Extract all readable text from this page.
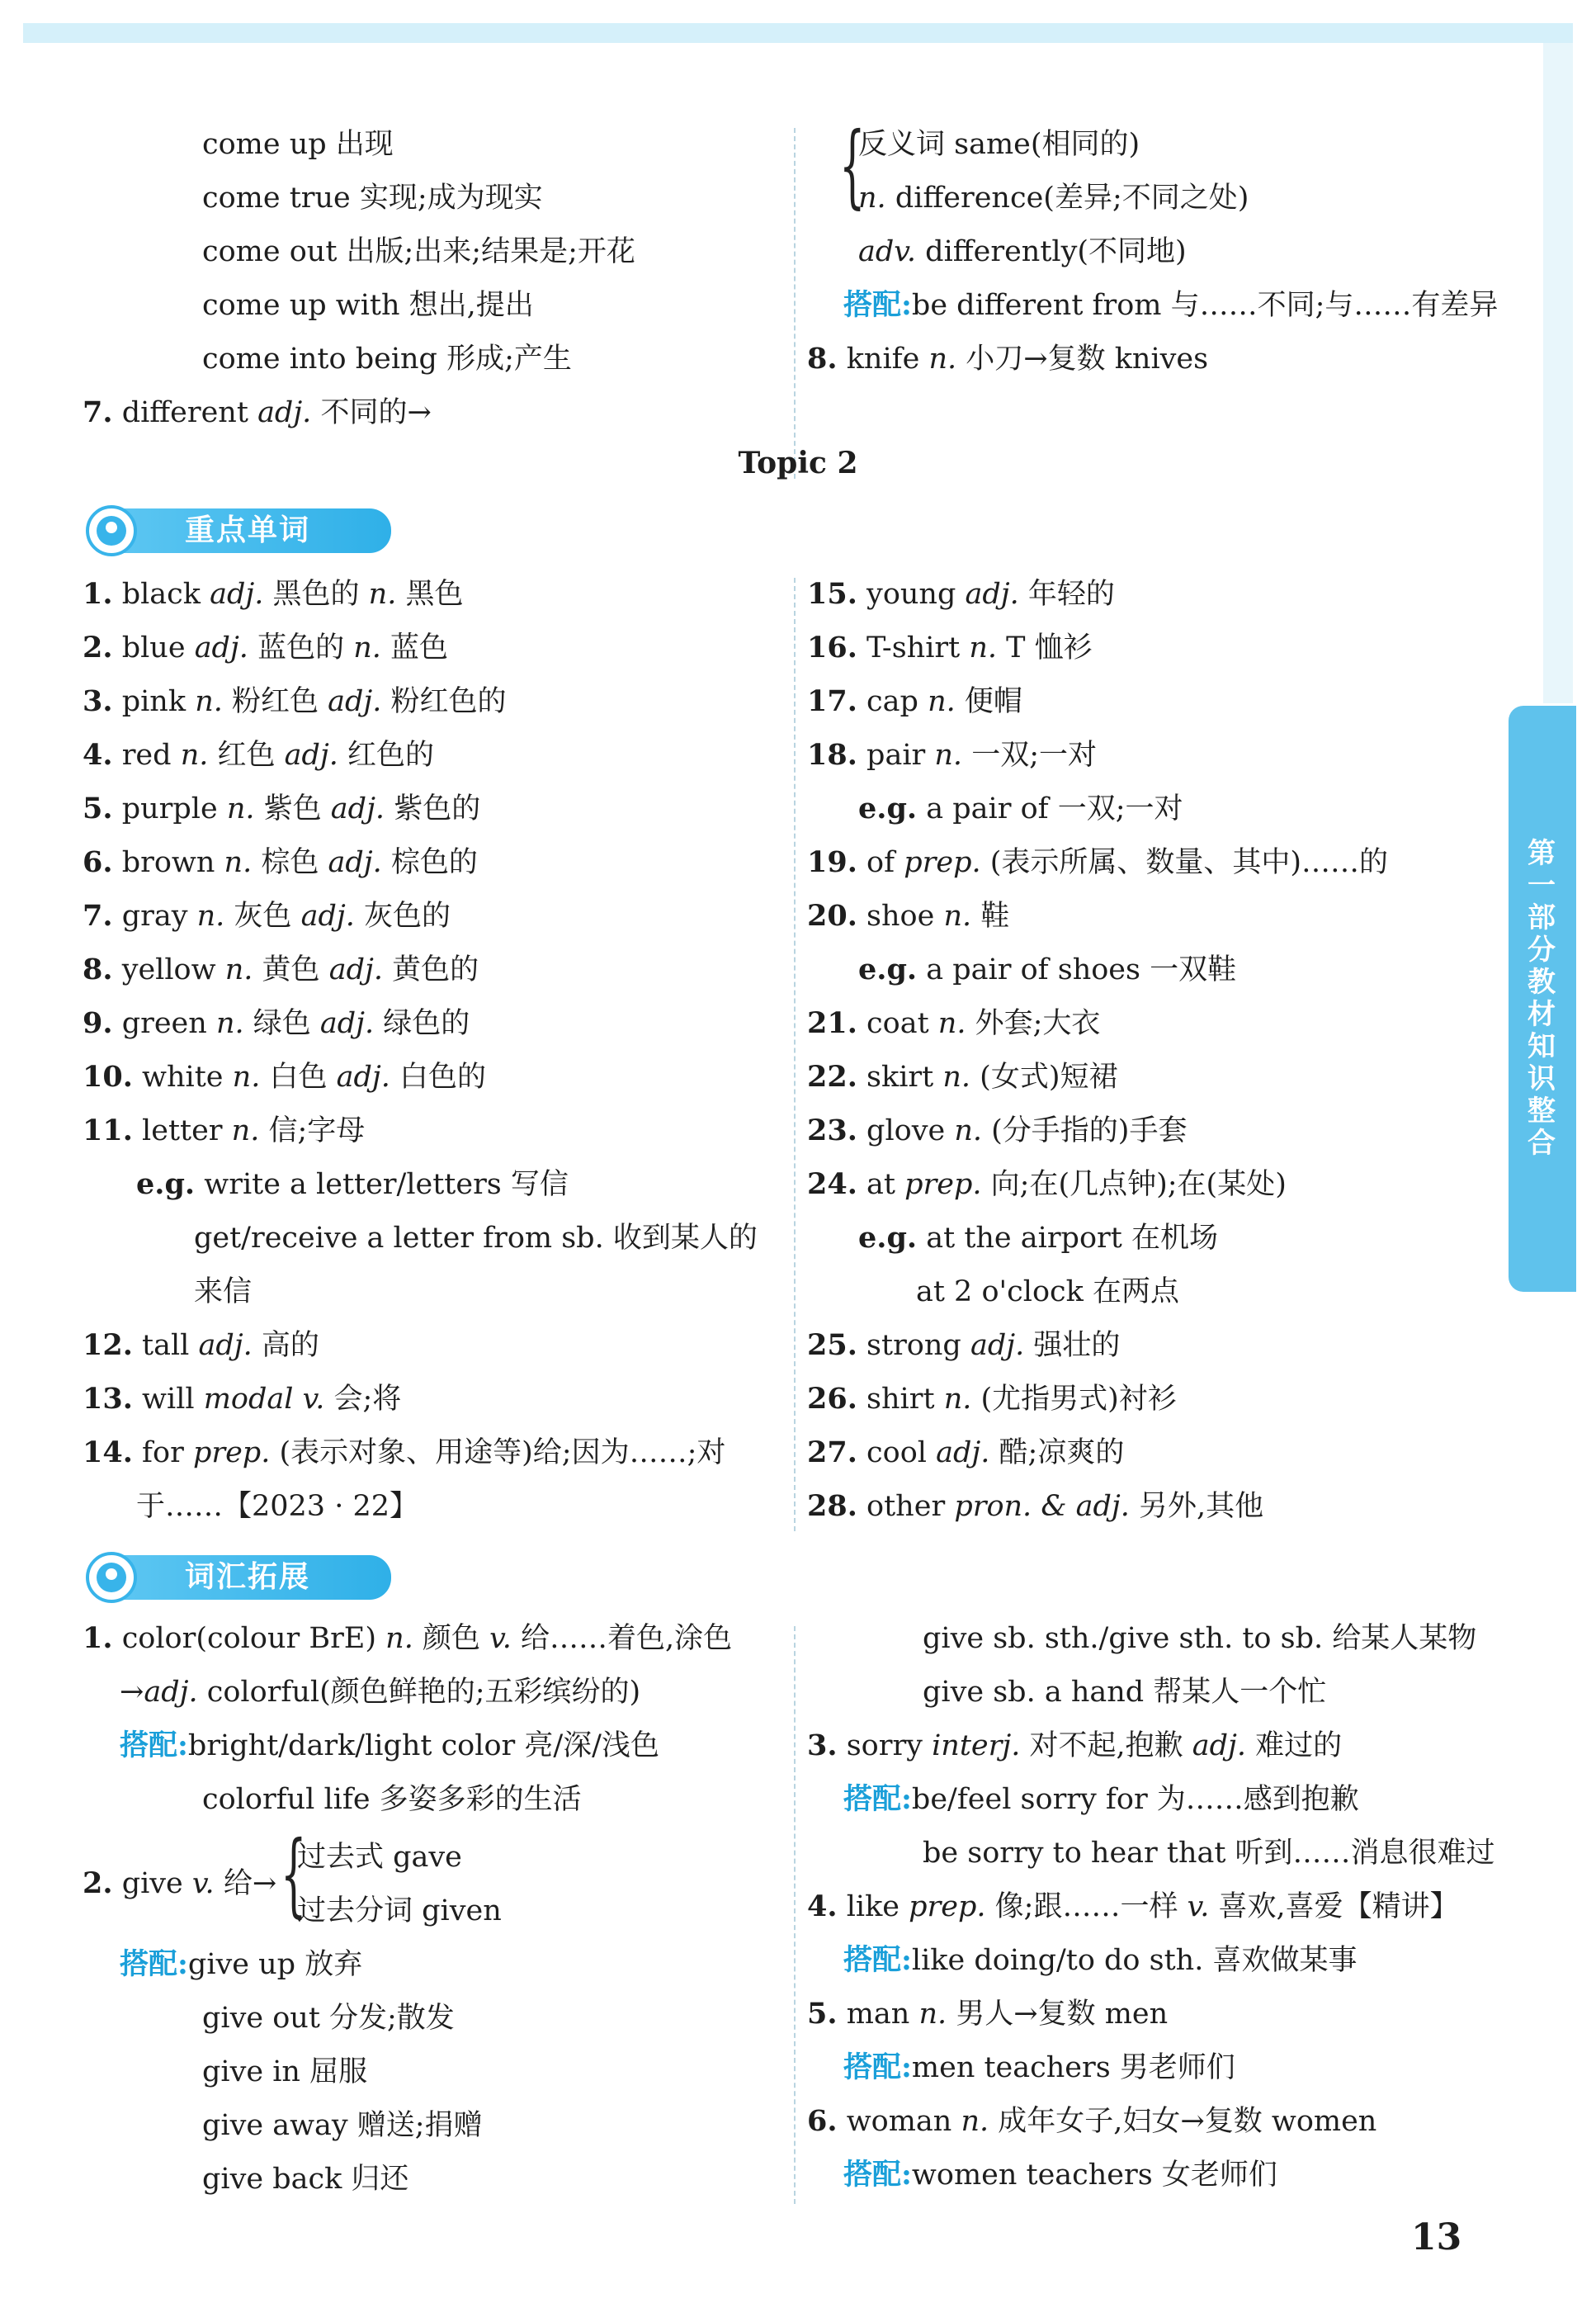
7. different adj. 不同的→
{
反义词 same(相同的)
n. difference(差异;不同之处)
adv. differently(不同地)
搭配:be different from 与……不同;与……有差异
8. knife n. 小刀→复数 knives
Topic 2
重点单词
词汇拓展
{
第一部分 教材知识整合
13
come up 出现
come true 实现;成为现实
come out 出版;出来;结果是;开花
come up with 想出,提出
come into being 形成;产生
1. black adj. 黑色的 n. 黑色
2. blue adj. 蓝色的 n. 蓝色
3. pink n. 粉红色 adj. 粉红色的
4. red n. 红色 adj. 红色的
5. purple n. 紫色 adj. 紫色的
6. brown n. 棕色 adj. 棕色的
7. gray n. 灰色 adj. 灰色的
8. yellow n. 黄色 adj. 黄色的
9. green n. 绿色 adj. 绿色的
10. white n. 白色 adj. 白色的
11. letter n. 信;字母
e.g. write a letter/letters 写信
get/receive a letter from sb. 收到某人的
来信
12. tall adj. 高的
13. will modal v. 会;将
14. for prep. (表示对象、用途等)给;因为……;对
于……【2023 · 22】
15. young adj. 年轻的
16. T-shirt n. T 恤衫
17. cap n. 便帽
18. pair n. 一双;一对
e.g. a pair of 一双;一对
19. of prep. (表示所属、数量、其中)……的
20. shoe n. 鞋
e.g. a pair of shoes 一双鞋
21. coat n. 外套;大衣
22. skirt n. (女式)短裙
23. glove n. (分手指的)手套
24. at prep. 向;在(几点钟);在(某处)
e.g. at the airport 在机场
at 2 o'clock 在两点
25. strong adj. 强壮的
26. shirt n. (尤指男式)衬衫
27. cool adj. 酷;凉爽的
28. other pron. & adj. 另外,其他
1. color(colour BrE) n. 颜色 v. 给……着色,涂色
→adj. colorful(颜色鲜艳的;五彩缤纷的)
搭配:bright/dark/light color 亮/深/浅色
colorful life 多姿多彩的生活
2. give v. 给→
过去式 gave
过去分词 given
搭配:give up 放弃
give out 分发;散发
give in 屈服
give away 赠送;捐赠
give back 归还
give sb. sth./give sth. to sb. 给某人某物
give sb. a hand 帮某人一个忙
3. sorry interj. 对不起,抱歉 adj. 难过的
搭配:be/feel sorry for 为……感到抱歉
be sorry to hear that 听到……消息很难过
4. like prep. 像;跟……一样 v. 喜欢,喜爱【精讲】
搭配:like doing/to do sth. 喜欢做某事
5. man n. 男人→复数 men
搭配:men teachers 男老师们
6. woman n. 成年女子,妇女→复数 women
搭配:women teachers 女老师们
